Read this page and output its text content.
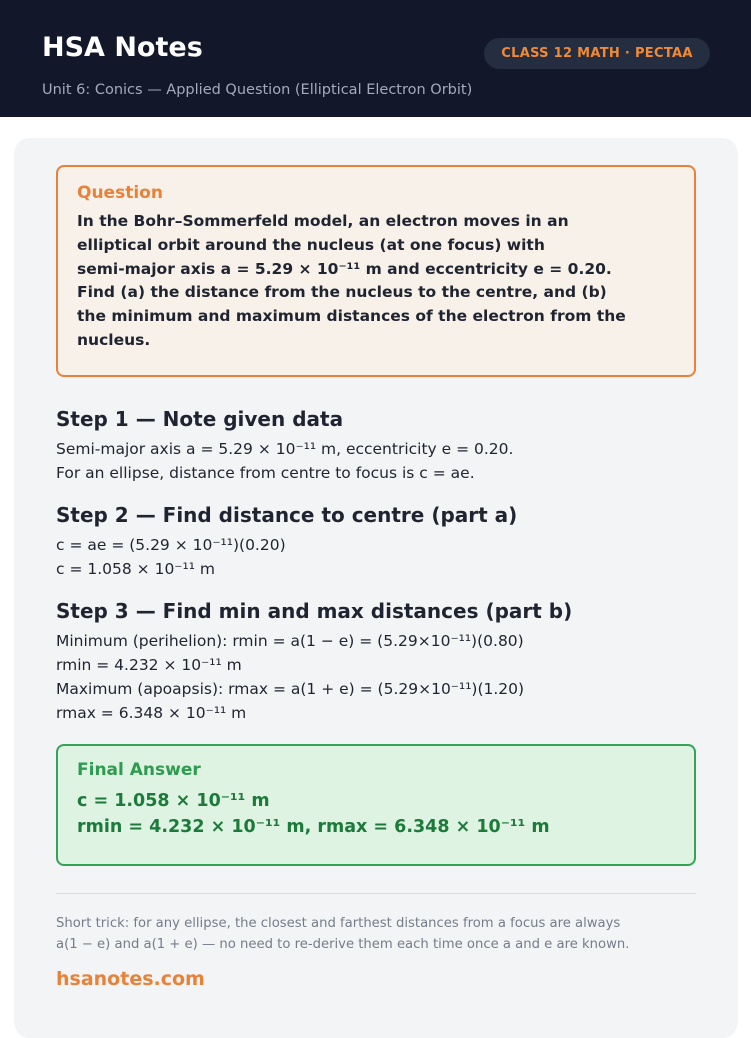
HSA Notes
Unit 6: Conics — Applied Question (Elliptical Electron Orbit)
CLASS 12 MATH · PECTAA
Question
In the Bohr–Sommerfeld model, an electron moves in an
elliptical orbit around the nucleus (at one focus) with
semi-major axis a = 5.29 × 10⁻¹¹ m and eccentricity e = 0.20.
Find (a) the distance from the nucleus to the centre, and (b)
the minimum and maximum distances of the electron from the
nucleus.
Step 1 — Note given data

Semi-major axis a = 5.29 × 10⁻¹¹ m, eccentricity e = 0.20.

For an ellipse, distance from centre to focus is c = ae.

Step 2 — Find distance to centre (part a)

c = ae = (5.29 × 10⁻¹¹)(0.20)

c = 1.058 × 10⁻¹¹ m

Step 3 — Find min and max distances (part b)

Minimum (perihelion): rmin = a(1 − e) = (5.29×10⁻¹¹)(0.80)

rmin = 4.232 × 10⁻¹¹ m

Maximum (apoapsis): rmax = a(1 + e) = (5.29×10⁻¹¹)(1.20)

rmax = 6.348 × 10⁻¹¹ m

Final Answer
c = 1.058 × 10⁻¹¹ m
rmin = 4.232 × 10⁻¹¹ m, rmax = 6.348 × 10⁻¹¹ m
Short trick: for any ellipse, the closest and farthest distances from a focus are always
a(1 − e) and a(1 + e) — no need to re-derive them each time once a and e are known.
hsanotes.com
